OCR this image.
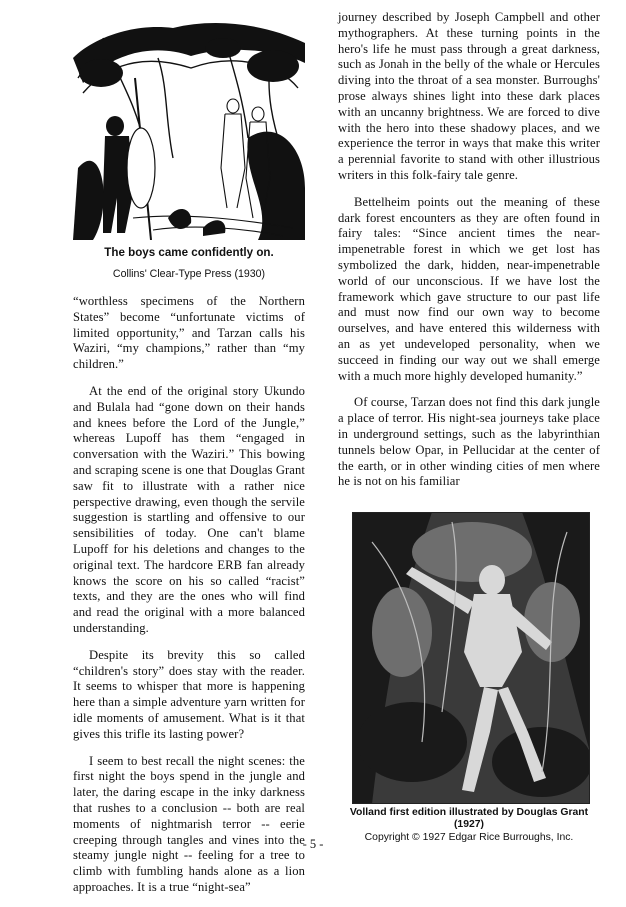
The boys came confidently on.

Collins' Clear-Type Press (1930)

“worthless specimens of the Northern States” become “unfortunate victims of limited opportunity,” and Tarzan calls his Waziri, “my champions,” rather than “my children.”

At the end of the original story Ukundo and Bulala had “gone down on their hands and knees before the Lord of the Jungle,” whereas Lupoff has them “engaged in conversation with the Waziri.” This bowing and scraping scene is one that Douglas Grant saw fit to illustrate with a rather nice perspective drawing, even though the servile suggestion is startling and offensive to our sensibilities of today. One can't blame Lupoff for his deletions and changes to the original text. The hardcore ERB fan already knows the score on his so called “racist” texts, and they are the ones who will find and read the original with a more balanced understanding.

Despite its brevity this so called “children's story” does stay with the reader. It seems to whisper that more is happening here than a simple adventure yarn written for idle moments of amusement. What is it that gives this trifle its lasting power?

I seem to best recall the night scenes: the first night the boys spend in the jungle and later, the daring escape in the inky darkness that rushes to a conclusion -- both are real moments of nightmarish terror -- eerie creeping through tangles and vines into the steamy jungle night -- feeling for a tree to climb with fumbling hands alone as a lion approaches. It is a true “night-sea”

journey described by Joseph Campbell and other mythographers. At these turning points in the hero's life he must pass through a great darkness, such as Jonah in the belly of the whale or Hercules diving into the throat of a sea monster. Burroughs' prose always shines light into these dark places with an uncanny brightness. We are forced to dive with the hero into these shadowy places, and we experience the terror in ways that make this writer a perennial favorite to stand with other illustrious writers in this folk-fairy tale genre.

Bettelheim points out the meaning of these dark forest encounters as they are often found in fairy tales: “Since ancient times the near-impenetrable forest in which we get lost has symbolized the dark, hidden, near-impenetrable world of our unconscious. If we have lost the framework which gave structure to our past life and must now find our own way to become ourselves, and have entered this wilderness with an as yet undeveloped personality, when we succeed in finding our way out we shall emerge with a much more highly developed humanity.”

Of course, Tarzan does not find this dark jungle a place of terror. His night-sea journeys take place in underground settings, such as the labyrinthian tunnels below Opar, in Pellucidar at the center of the earth, or in other winding cities of men where he is not on his familiar

Volland first edition illustrated by Douglas Grant (1927)
Copyright © 1927 Edgar Rice Burroughs, Inc.
- 5 -
